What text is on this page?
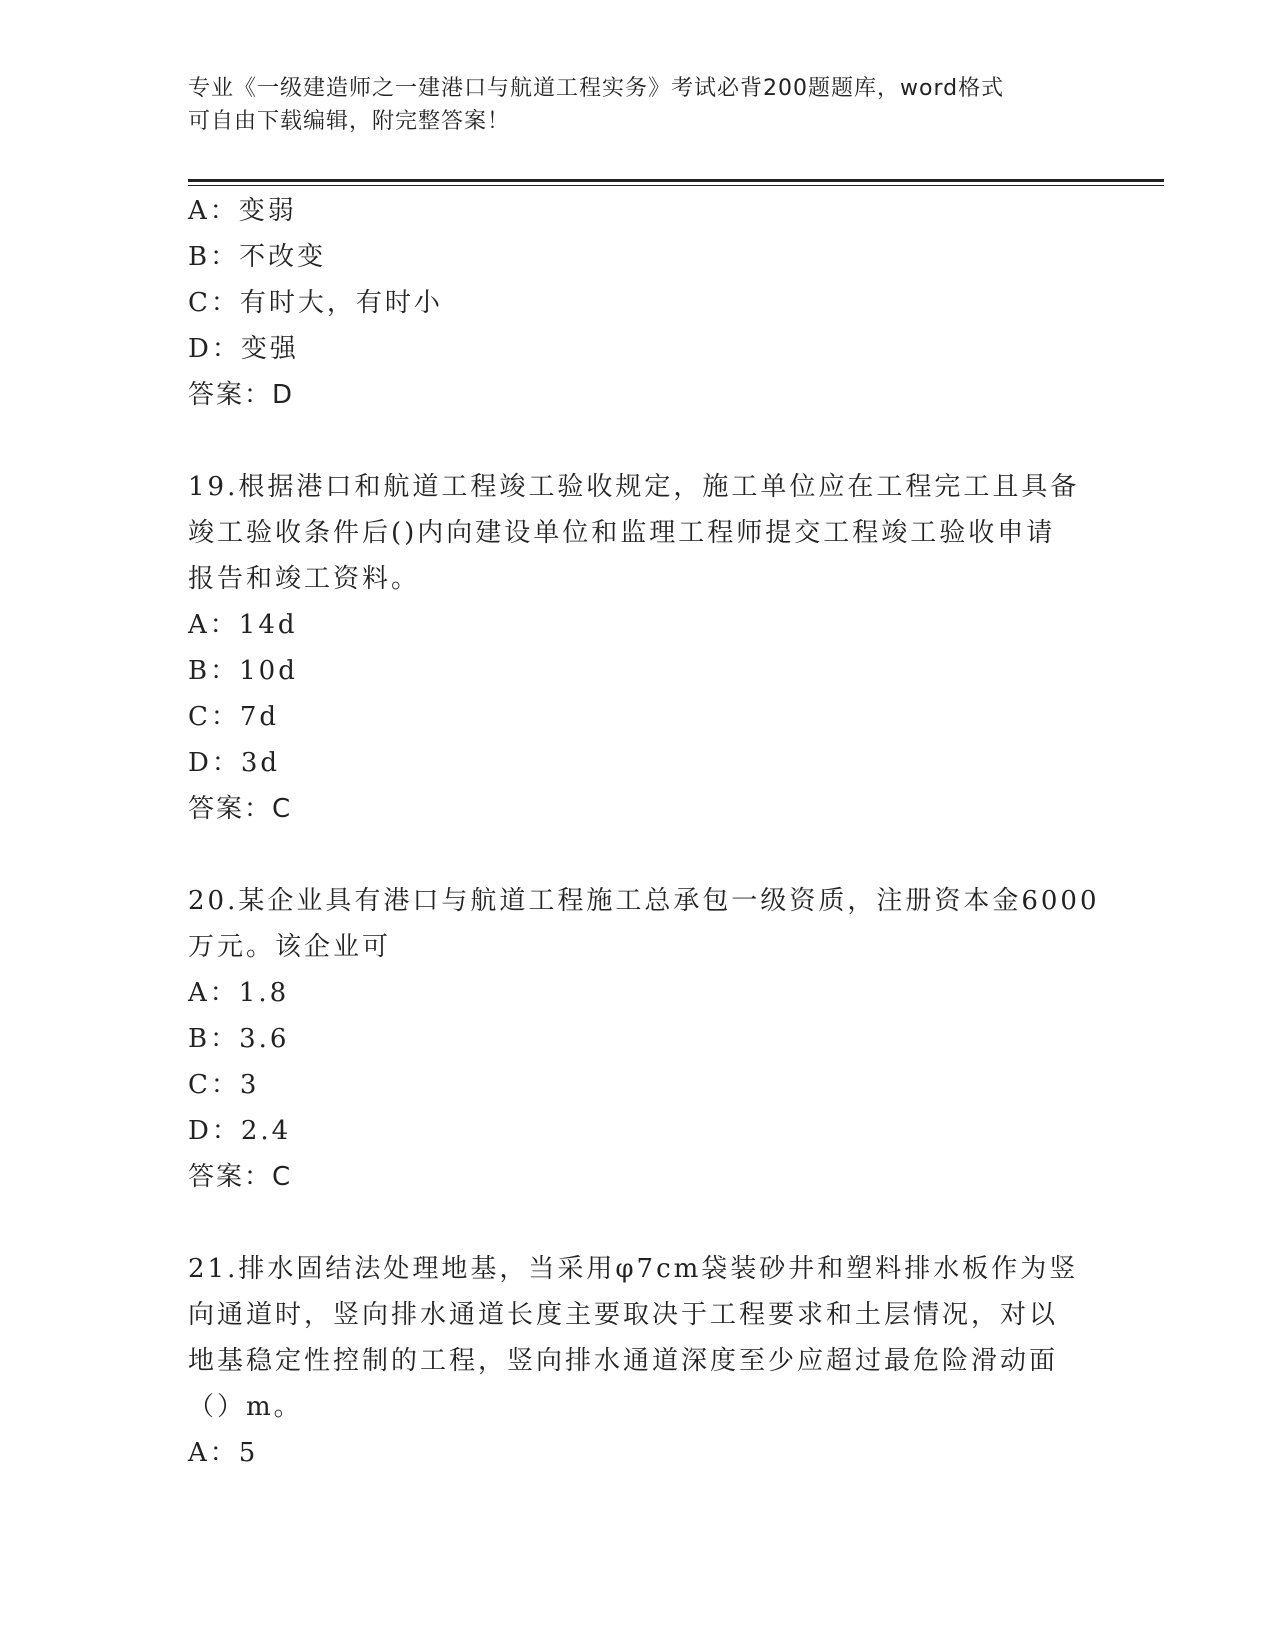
专业《一级建造师之一建港口与航道工程实务》考试必背200题题库，word格式
可自由下载编辑，附完整答案！
A：变弱
B：不改变
C：有时大，有时小
D：变强
答案：D
19.根据港口和航道工程竣工验收规定，施工单位应在工程完工且具备
竣工验收条件后()内向建设单位和监理工程师提交工程竣工验收申请
报告和竣工资料。
A：14d
B：10d
C：7d
D：3d
答案：C
20.某企业具有港口与航道工程施工总承包一级资质，注册资本金6000
万元。该企业可
A：1.8
B：3.6
C：3
D：2.4
答案：C
21.排水固结法处理地基，当采用φ7cm袋装砂井和塑料排水板作为竖
向通道时，竖向排水通道长度主要取决于工程要求和土层情况，对以
地基稳定性控制的工程，竖向排水通道深度至少应超过最危险滑动面
（）m。
A：5
